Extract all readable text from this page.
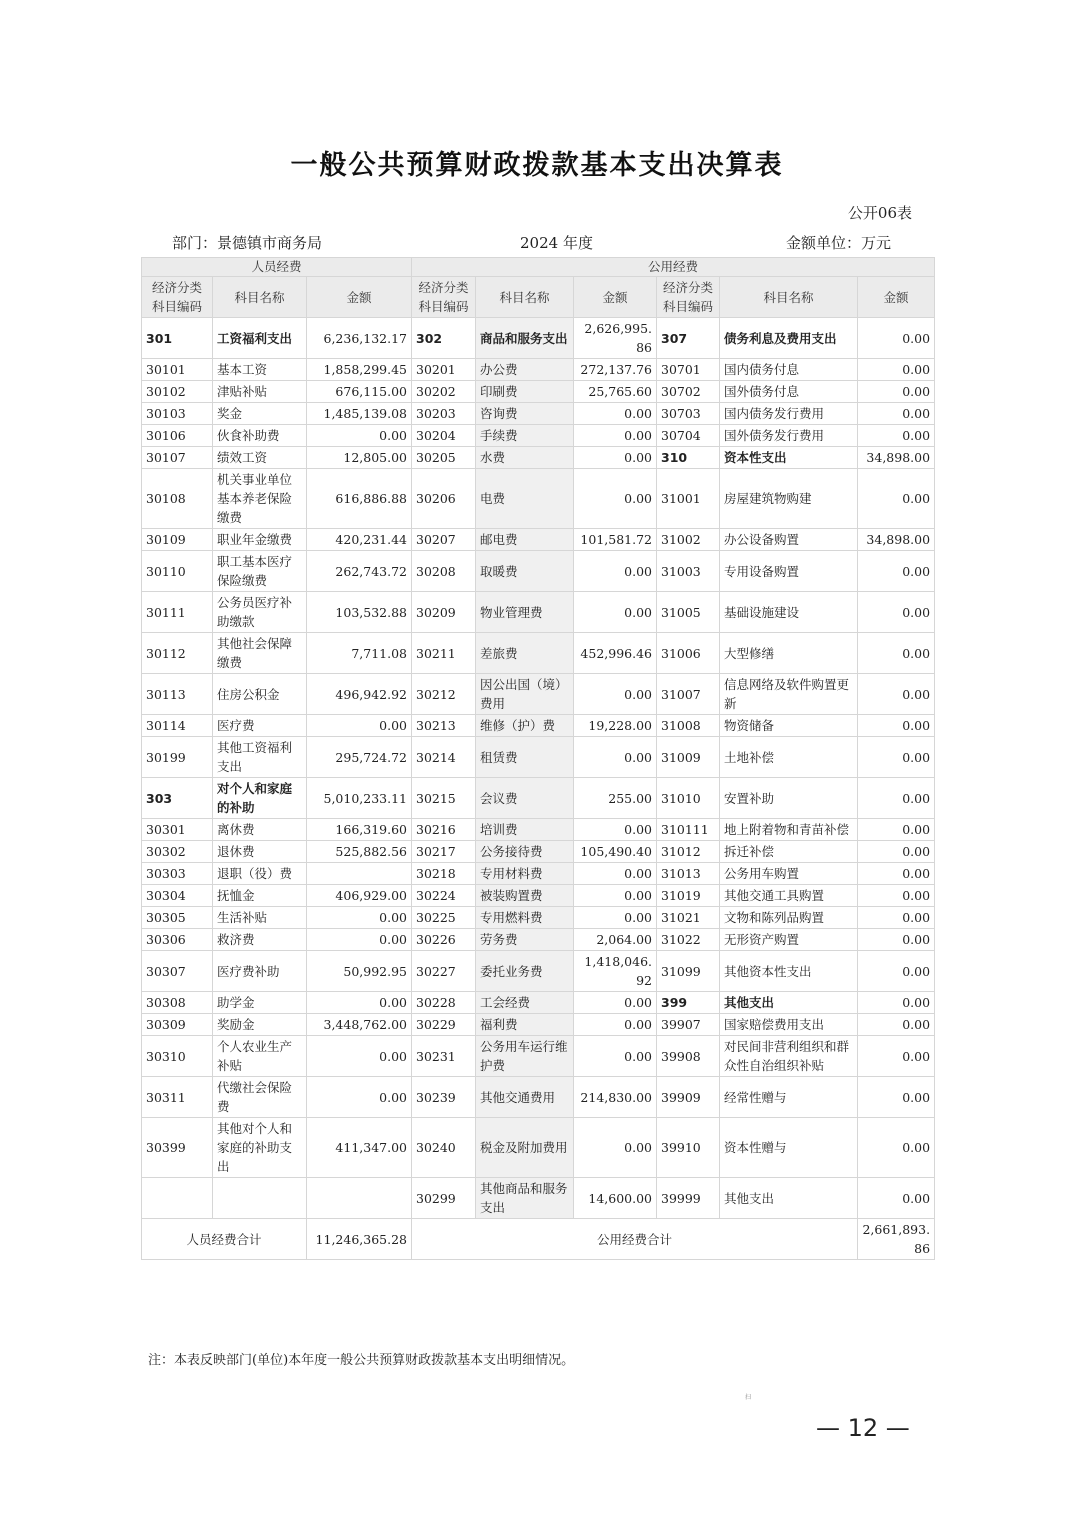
一般公共预算财政拨款基本支出决算表
公开06表
部门：景德镇市商务局	2024 年度	金额单位：万元
人员经费			公用经费					
经济分类科目编码	科目名称	金额	经济分类科目编码	科目名称	金额	经济分类科目编码	科目名称	金额
301	工资福利支出	6,236,132.17	302	商品和服务支出	2,626,995.86	307	债务利息及费用支出	0.00
30101	基本工资	1,858,299.45	30201	办公费	272,137.76	30701	国内债务付息	0.00
30102	津贴补贴	676,115.00	30202	印刷费	25,765.60	30702	国外债务付息	0.00
30103	奖金	1,485,139.08	30203	咨询费	0.00	30703	国内债务发行费用	0.00
30106	伙食补助费	0.00	30204	手续费	0.00	30704	国外债务发行费用	0.00
30107	绩效工资	12,805.00	30205	水费	0.00	310	资本性支出	34,898.00
30108	机关事业单位基本养老保险缴费	616,886.88	30206	电费	0.00	31001	房屋建筑物购建	0.00
30109	职业年金缴费	420,231.44	30207	邮电费	101,581.72	31002	办公设备购置	34,898.00
30110	职工基本医疗保险缴费	262,743.72	30208	取暖费	0.00	31003	专用设备购置	0.00
30111	公务员医疗补助缴款	103,532.88	30209	物业管理费	0.00	31005	基础设施建设	0.00
30112	其他社会保障缴费	7,711.08	30211	差旅费	452,996.46	31006	大型修缮	0.00
30113	住房公积金	496,942.92	30212	因公出国（境）费用	0.00	31007	信息网络及软件购置更新	0.00
30114	医疗费	0.00	30213	维修（护）费	19,228.00	31008	物资储备	0.00
30199	其他工资福利支出	295,724.72	30214	租赁费	0.00	31009	土地补偿	0.00
303	对个人和家庭的补助	5,010,233.11	30215	会议费	255.00	31010	安置补助	0.00
30301	离休费	166,319.60	30216	培训费	0.00	310111	地上附着物和青苗补偿	0.00
30302	退休费	525,882.56	30217	公务接待费	105,490.40	31012	拆迁补偿	0.00
30303	退职（役）费		30218	专用材料费	0.00	31013	公务用车购置	0.00
30304	抚恤金	406,929.00	30224	被装购置费	0.00	31019	其他交通工具购置	0.00
30305	生活补贴	0.00	30225	专用燃料费	0.00	31021	文物和陈列品购置	0.00
30306	救济费	0.00	30226	劳务费	2,064.00	31022	无形资产购置	0.00
30307	医疗费补助	50,992.95	30227	委托业务费	1,418,046.92	31099	其他资本性支出	0.00
30308	助学金	0.00	30228	工会经费	0.00	399	其他支出	0.00
30309	奖励金	3,448,762.00	30229	福利费	0.00	39907	国家赔偿费用支出	0.00
30310	个人农业生产补贴	0.00	30231	公务用车运行维护费	0.00	39908	对民间非营利组织和群众性自治组织补贴	0.00
30311	代缴社会保险费	0.00	30239	其他交通费用	214,830.00	39909	经常性赠与	0.00
30399	其他对个人和家庭的补助支出	411,347.00	30240	税金及附加费用	0.00	39910	资本性赠与	0.00
			30299	其他商品和服务支出	14,600.00	39999	其他支出	0.00
人员经费合计		11,246,365.28	公用经费合计					2,661,893.86
注：本表反映部门(单位)本年度一般公共预算财政拨款基本支出明细情况。
扫
— 12 —
